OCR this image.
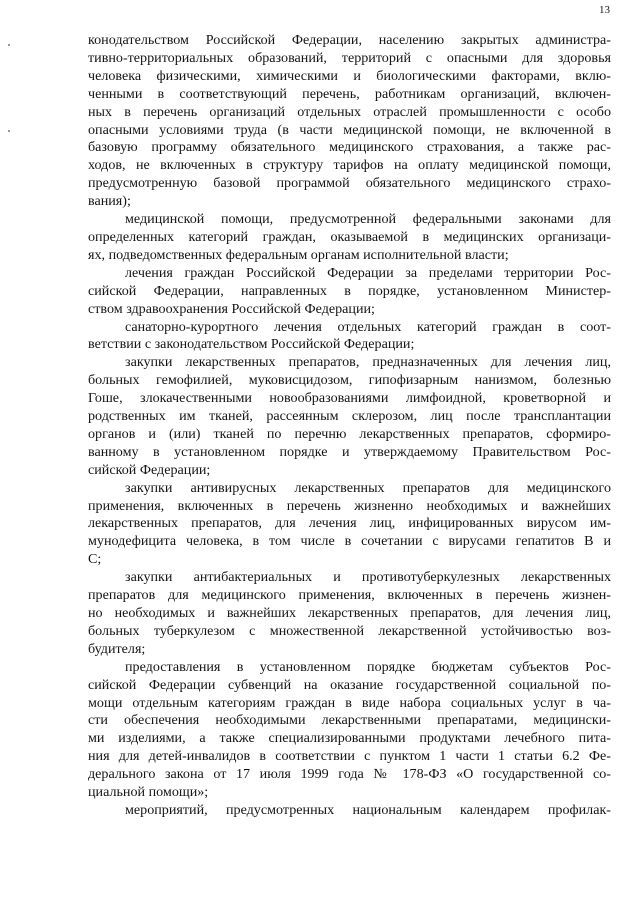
13

конодательством Российской Федерации, населению закрытых администра-
тивно-территориальных образований, территорий с опасными для здоровья
человека физическими, химическими и биологическими факторами, вклю-
ченными в соответствующий перечень, работникам организаций, включен-
ных в перечень организаций отдельных отраслей промышленности с особо
опасными условиями труда (в части медицинской помощи, не включенной в
базовую программу обязательного медицинского страхования, а также рас-
ходов, не включенных в структуру тарифов на оплату медицинской помощи,
предусмотренную базовой программой обязательного медицинского страхо-
вания);

медицинской помощи, предусмотренной федеральными законами для
определенных категорий граждан, оказываемой в медицинских организаци-
ях, подведомственных федеральным органам исполнительной власти;

лечения граждан Российской Федерации за пределами территории Рос-
сийской Федерации, направленных в порядке, установленном Министер-
ством здравоохранения Российской Федерации;

санаторно-курортного лечения отдельных категорий граждан в соот-
ветствии с законодательством Российской Федерации;

закупки лекарственных препаратов, предназначенных для лечения лиц,
больных гемофилией, муковисцидозом, гипофизарным нанизмом, болезнью
Гоше, злокачественными новообразованиями лимфоидной, кроветворной и
родственных им тканей, рассеянным склерозом, лиц после трансплантации
органов и (или) тканей по перечню лекарственных препаратов, сформиро-
ванному в установленном порядке и утверждаемому Правительством Рос-
сийской Федерации;

закупки антивирусных лекарственных препаратов для медицинского
применения, включенных в перечень жизненно необходимых и важнейших
лекарственных препаратов, для лечения лиц, инфицированных вирусом им-
мунодефицита человека, в том числе в сочетании с вирусами гепатитов В и
С;

закупки антибактериальных и противотуберкулезных лекарственных
препаратов для медицинского применения, включенных в перечень жизнен-
но необходимых и важнейших лекарственных препаратов, для лечения лиц,
больных туберкулезом с множественной лекарственной устойчивостью воз-
будителя;

предоставления в установленном порядке бюджетам субъектов Рос-
сийской Федерации субвенций на оказание государственной социальной по-
мощи отдельным категориям граждан в виде набора социальных услуг в ча-
сти обеспечения необходимыми лекарственными препаратами, медицински-
ми изделиями, а также специализированными продуктами лечебного пита-
ния для детей-инвалидов в соответствии с пунктом 1 части 1 статьи 6.2 Фе-
дерального закона от 17 июля 1999 года № 178-ФЗ «О государственной со-
циальной помощи»;

мероприятий, предусмотренных национальным календарем профилак-
